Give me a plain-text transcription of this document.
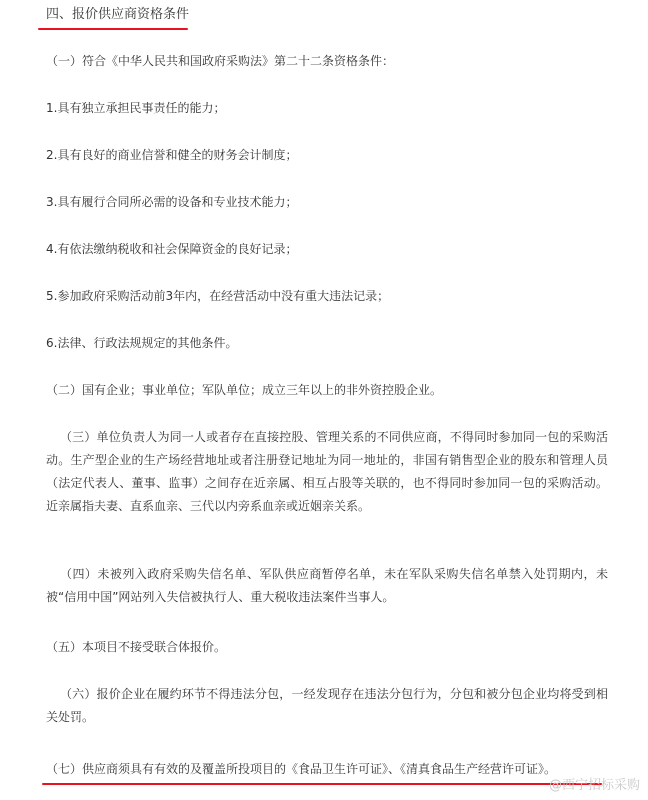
四、报价供应商资格条件

（一）符合《中华人民共和国政府采购法》第二十二条资格条件：

1.具有独立承担民事责任的能力；

2.具有良好的商业信誉和健全的财务会计制度；

3.具有履行合同所必需的设备和专业技术能力；

4.有依法缴纳税收和社会保障资金的良好记录；

5.参加政府采购活动前3年内，在经营活动中没有重大违法记录；

6.法律、行政法规规定的其他条件。

（二）国有企业；事业单位；军队单位；成立三年以上的非外资控股企业。

（三）单位负责人为同一人或者存在直接控股、管理关系的不同供应商，不得同时参加同一包的采购活动。生产型企业的生产场经营地址或者注册登记地址为同一地址的，非国有销售型企业的股东和管理人员（法定代表人、董事、监事）之间存在近亲属、相互占股等关联的，也不得同时参加同一包的采购活动。近亲属指夫妻、直系血亲、三代以内旁系血亲或近姻亲关系。

（四）未被列入政府采购失信名单、军队供应商暂停名单，未在军队采购失信名单禁入处罚期内，未被“信用中国”网站列入失信被执行人、重大税收违法案件当事人。

（五）本项目不接受联合体报价。

（六）报价企业在履约环节不得违法分包，一经发现存在违法分包行为，分包和被分包企业均将受到相关处罚。

（七）供应商须具有有效的及覆盖所投项目的《食品卫生许可证》、《清真食品生产经营许可证》。

@西宁招标采购
